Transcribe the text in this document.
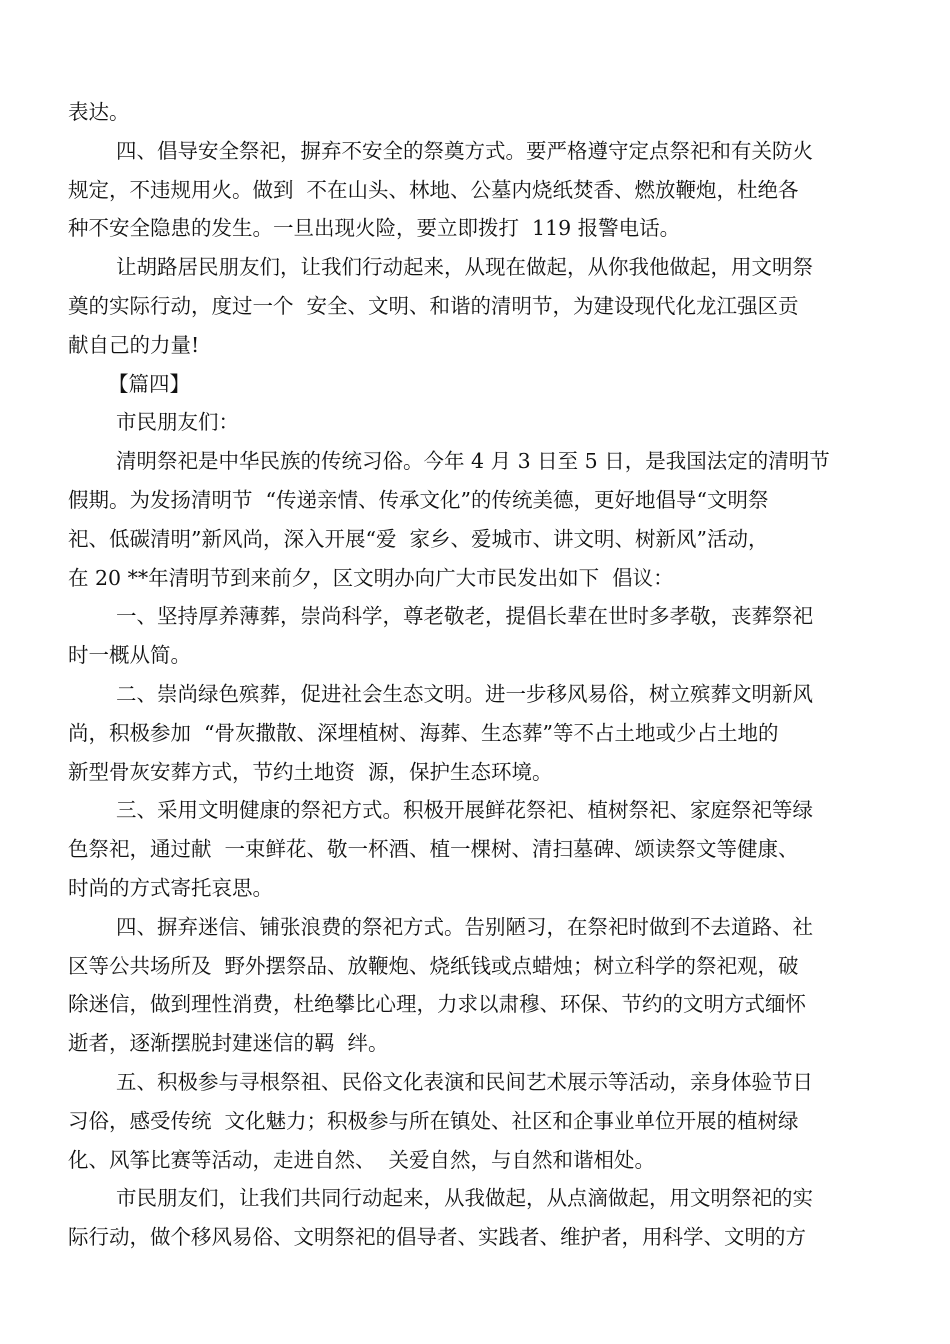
表达。
四、倡导安全祭祀，摒弃不安全的祭奠方式。要严格遵守定点祭祀和有关防火
规定，不违规用火。做到  不在山头、林地、公墓内烧纸焚香、燃放鞭炮，杜绝各
种不安全隐患的发生。一旦出现火险，要立即拨打  119 报警电话。
让胡路居民朋友们，让我们行动起来，从现在做起，从你我他做起，用文明祭
奠的实际行动，度过一个  安全、文明、和谐的清明节，为建设现代化龙江强区贡
献自己的力量!
【篇四】
市民朋友们：
清明祭祀是中华民族的传统习俗。今年 4 月 3 日至 5 日，是我国法定的清明节
假期。为发扬清明节  “传递亲情、传承文化”的传统美德，更好地倡导“文明祭
祀、低碳清明”新风尚，深入开展“爱  家乡、爱城市、讲文明、树新风”活动，
在 20 **年清明节到来前夕，区文明办向广大市民发出如下  倡议：
一、坚持厚养薄葬，崇尚科学，尊老敬老，提倡长辈在世时多孝敬，丧葬祭祀
时一概从简。
二、崇尚绿色殡葬，促进社会生态文明。进一步移风易俗，树立殡葬文明新风
尚，积极参加  “骨灰撒散、深埋植树、海葬、生态葬”等不占土地或少占土地的
新型骨灰安葬方式，节约土地资  源，保护生态环境。
三、采用文明健康的祭祀方式。积极开展鲜花祭祀、植树祭祀、家庭祭祀等绿
色祭祀，通过献  一束鲜花、敬一杯酒、植一棵树、清扫墓碑、颂读祭文等健康、
时尚的方式寄托哀思。
四、摒弃迷信、铺张浪费的祭祀方式。告别陋习，在祭祀时做到不去道路、社
区等公共场所及  野外摆祭品、放鞭炮、烧纸钱或点蜡烛；树立科学的祭祀观，破
除迷信，做到理性消费，杜绝攀比心理，力求以肃穆、环保、节约的文明方式缅怀
逝者，逐渐摆脱封建迷信的羁  绊。
五、积极参与寻根祭祖、民俗文化表演和民间艺术展示等活动，亲身体验节日
习俗，感受传统  文化魅力；积极参与所在镇处、社区和企事业单位开展的植树绿
化、风筝比赛等活动，走进自然、  关爱自然，与自然和谐相处。
市民朋友们，让我们共同行动起来，从我做起，从点滴做起，用文明祭祀的实
际行动，做个移风易俗、文明祭祀的倡导者、实践者、维护者，用科学、文明的方
